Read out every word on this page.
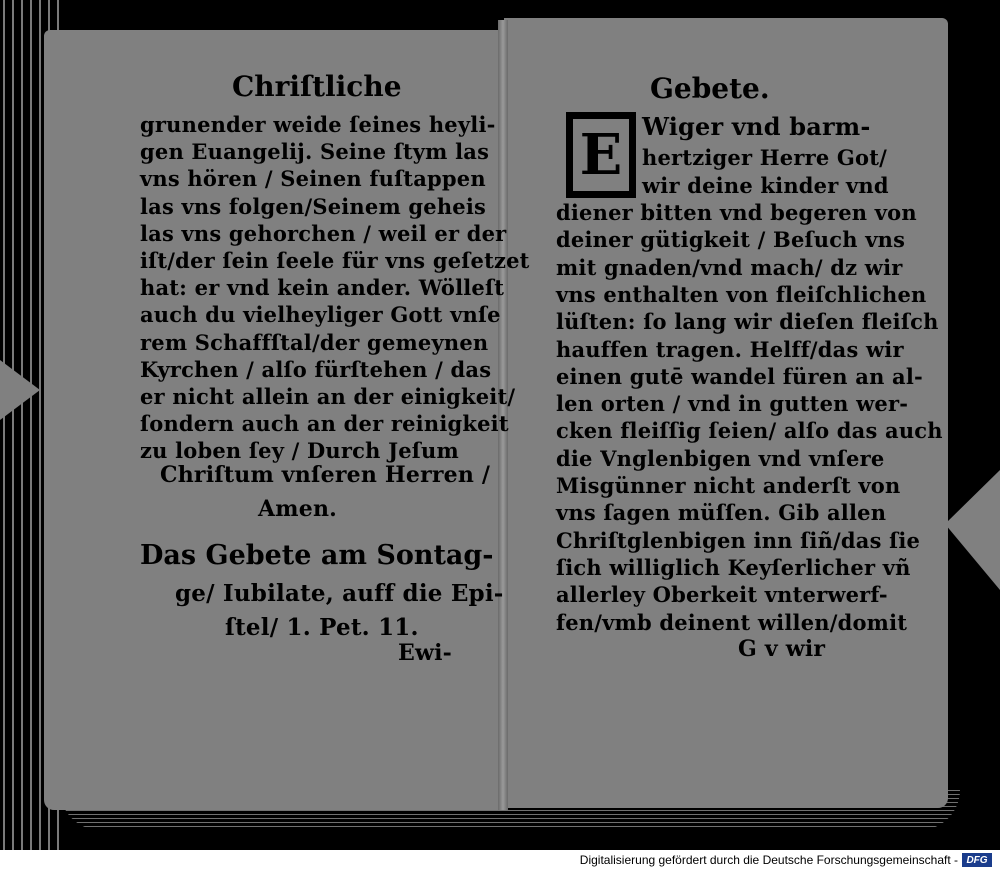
Chriſtliche
grunender weide ſeines heyli-
gen Euangelij. Seine ſtym las
vns hören / Seinen fuſtappen
las vns folgen/Seinem geheis
las vns gehorchen / weil er der
iſt/der ſein ſeele für vns geſetzet
hat: er vnd kein ander. Wölleſt
auch du vielheyliger Gott vnſe
rem Schaffſtal/der gemeynen
Kyrchen / alſo fürſtehen / das
er nicht allein an der einigkeit/
ſondern auch an der reinigkeit
zu loben ſey / Durch Jeſum
Chriſtum vnſeren Herren /
Amen.
Das Gebete am Sontag-
ge/ Iubilate, auff die Epi-
ſtel/ 1. Pet. 11.
Ewi-
Gebete.
E Wiger vnd barm-
hertziger Herre Got/
wir deine kinder vnd
diener bitten vnd begeren von
deiner gütigkeit / Beſuch vns
mit gnaden/vnd mach/ dz wir
vns enthalten von fleiſchlichen
lüſten: ſo lang wir dieſen fleiſch
hauffen tragen. Helff/das wir
einen gutē wandel füren an al-
len orten / vnd in gutten wer-
cken fleiſſig ſeien/ alſo das auch
die Vnglenbigen vnd vnſere
Misgünner nicht anderſt von
vns ſagen müſſen. Gib allen
Chriſtglenbigen inn ſiñ/das ſie
ſich williglich Keyſerlicher vñ
allerley Oberkeit vnterwerf-
fen/vmb deinent willen/domit
G v wir
Digitalisierung gefördert durch die Deutsche Forschungsgemeinschaft - DFG
